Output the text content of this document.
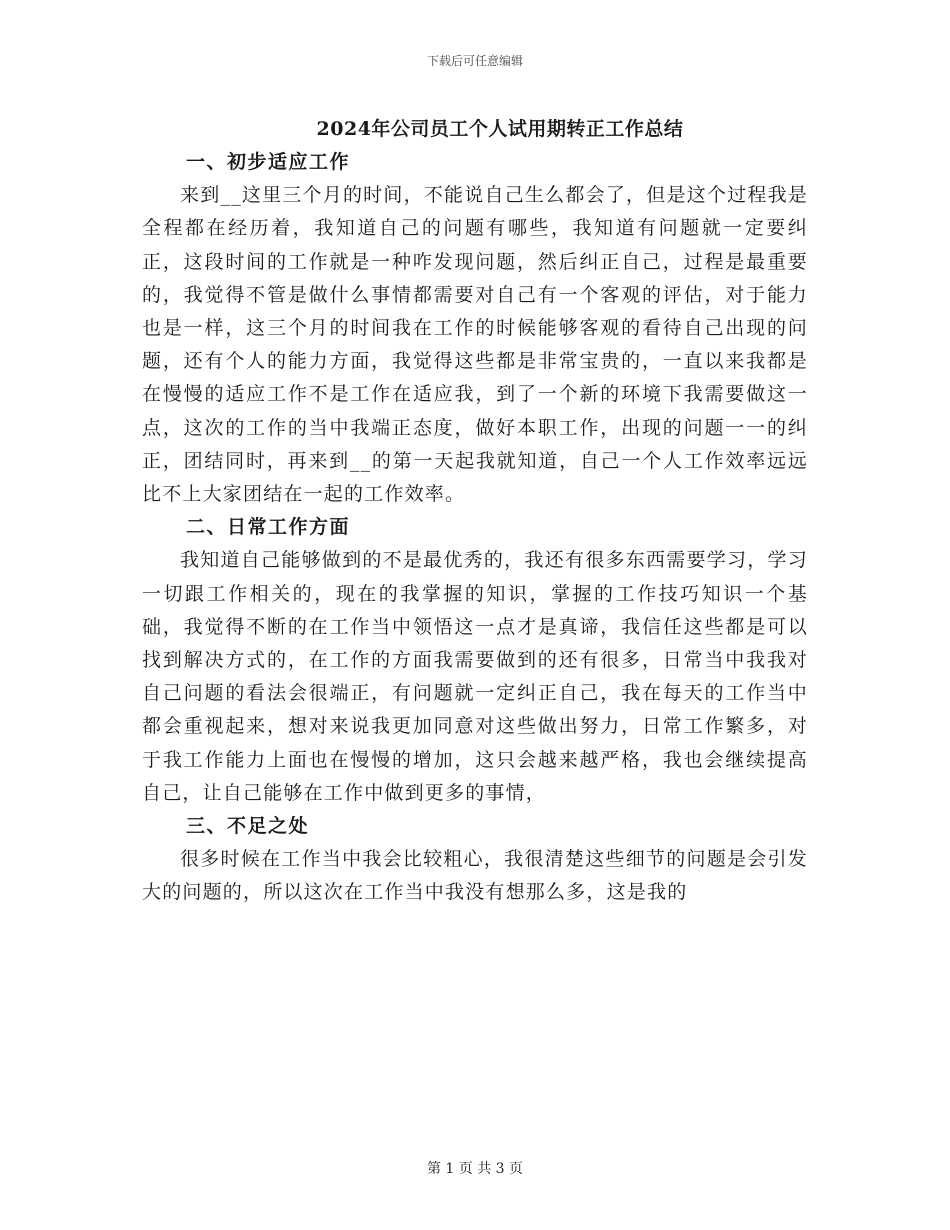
下载后可任意编辑
2024年公司员工个人试用期转正工作总结

一、初步适应工作

来到__这里三个月的时间，不能说自己生么都会了，但是这个过程我是全程都在经历着，我知道自己的问题有哪些，我知道有问题就一定要纠正，这段时间的工作就是一种咋发现问题，然后纠正自己，过程是最重要的，我觉得不管是做什么事情都需要对自己有一个客观的评估，对于能力也是一样，这三个月的时间我在工作的时候能够客观的看待自己出现的问题，还有个人的能力方面，我觉得这些都是非常宝贵的，一直以来我都是在慢慢的适应工作不是工作在适应我，到了一个新的环境下我需要做这一点，这次的工作的当中我端正态度，做好本职工作，出现的问题一一的纠正，团结同时，再来到__的第一天起我就知道，自己一个人工作效率远远比不上大家团结在一起的工作效率。

二、日常工作方面

我知道自己能够做到的不是最优秀的，我还有很多东西需要学习，学习一切跟工作相关的，现在的我掌握的知识，掌握的工作技巧知识一个基础，我觉得不断的在工作当中领悟这一点才是真谛，我信任这些都是可以找到解决方式的，在工作的方面我需要做到的还有很多，日常当中我我对自己问题的看法会很端正，有问题就一定纠正自己，我在每天的工作当中都会重视起来，想对来说我更加同意对这些做出努力，日常工作繁多，对于我工作能力上面也在慢慢的增加，这只会越来越严格，我也会继续提高自己，让自己能够在工作中做到更多的事情，

三、不足之处

很多时候在工作当中我会比较粗心，我很清楚这些细节的问题是会引发大的问题的，所以这次在工作当中我没有想那么多，这是我的

第 1 页 共 3 页
